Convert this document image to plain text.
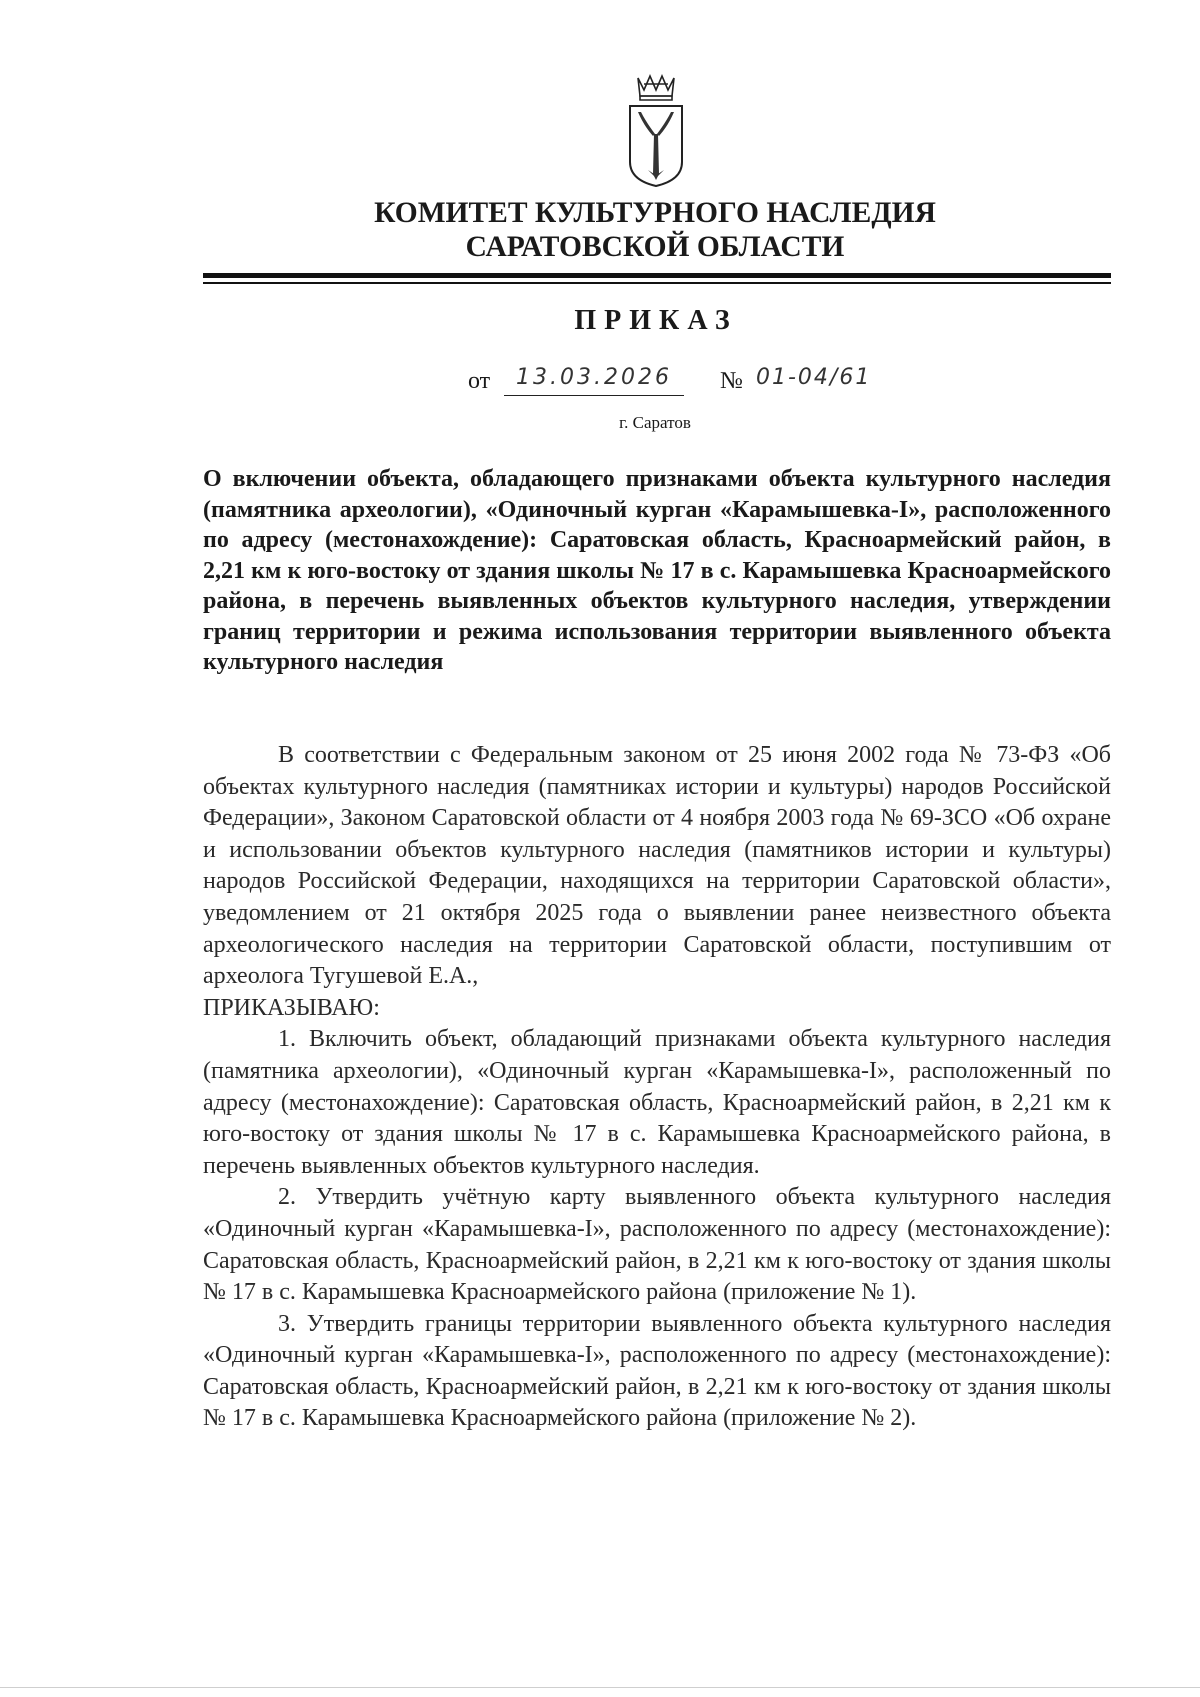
КОМИТЕТ КУЛЬТУРНОГО НАСЛЕДИЯ
САРАТОВСКОЙ ОБЛАСТИ
ПРИКАЗ
от	13.03.2026	№ 01-04/61
г. Саратов
О включении объекта, обладающего признаками объекта культурного наследия (памятника археологии), «Одиночный курган «Карамышевка-I», расположенного по адресу (местонахождение): Саратовская область, Красноармейский район, в 2,21 км к юго-востоку от здания школы № 17 в с. Карамышевка Красноармейского района, в перечень выявленных объектов культурного наследия, утверждении границ территории и режима использования территории выявленного объекта культурного наследия

В соответствии с Федеральным законом от 25 июня 2002 года № 73-ФЗ «Об объектах культурного наследия (памятниках истории и культуры) народов Российской Федерации», Законом Саратовской области от 4 ноября 2003 года № 69-ЗСО «Об охране и использовании объектов культурного наследия (памятников истории и культуры) народов Российской Федерации, находящихся на территории Саратовской области», уведомлением от 21 октября 2025 года о выявлении ранее неизвестного объекта археологического наследия на территории Саратовской области, поступившим от археолога Тугушевой Е.А.,

ПРИКАЗЫВАЮ:

1. Включить объект, обладающий признаками объекта культурного наследия (памятника археологии), «Одиночный курган «Карамышевка-I», расположенный по адресу (местонахождение): Саратовская область, Красноармейский район, в 2,21 км к юго-востоку от здания школы № 17 в с. Карамышевка Красноармейского района, в перечень выявленных объектов культурного наследия.

2. Утвердить учётную карту выявленного объекта культурного наследия «Одиночный курган «Карамышевка-I», расположенного по адресу (местонахождение): Саратовская область, Красноармейский район, в 2,21 км к юго-востоку от здания школы № 17 в с. Карамышевка Красноармейского района (приложение № 1).

3. Утвердить границы территории выявленного объекта культурного наследия «Одиночный курган «Карамышевка-I», расположенного по адресу (местонахождение): Саратовская область, Красноармейский район, в 2,21 км к юго-востоку от здания школы № 17 в с. Карамышевка Красноармейского района (приложение № 2).
